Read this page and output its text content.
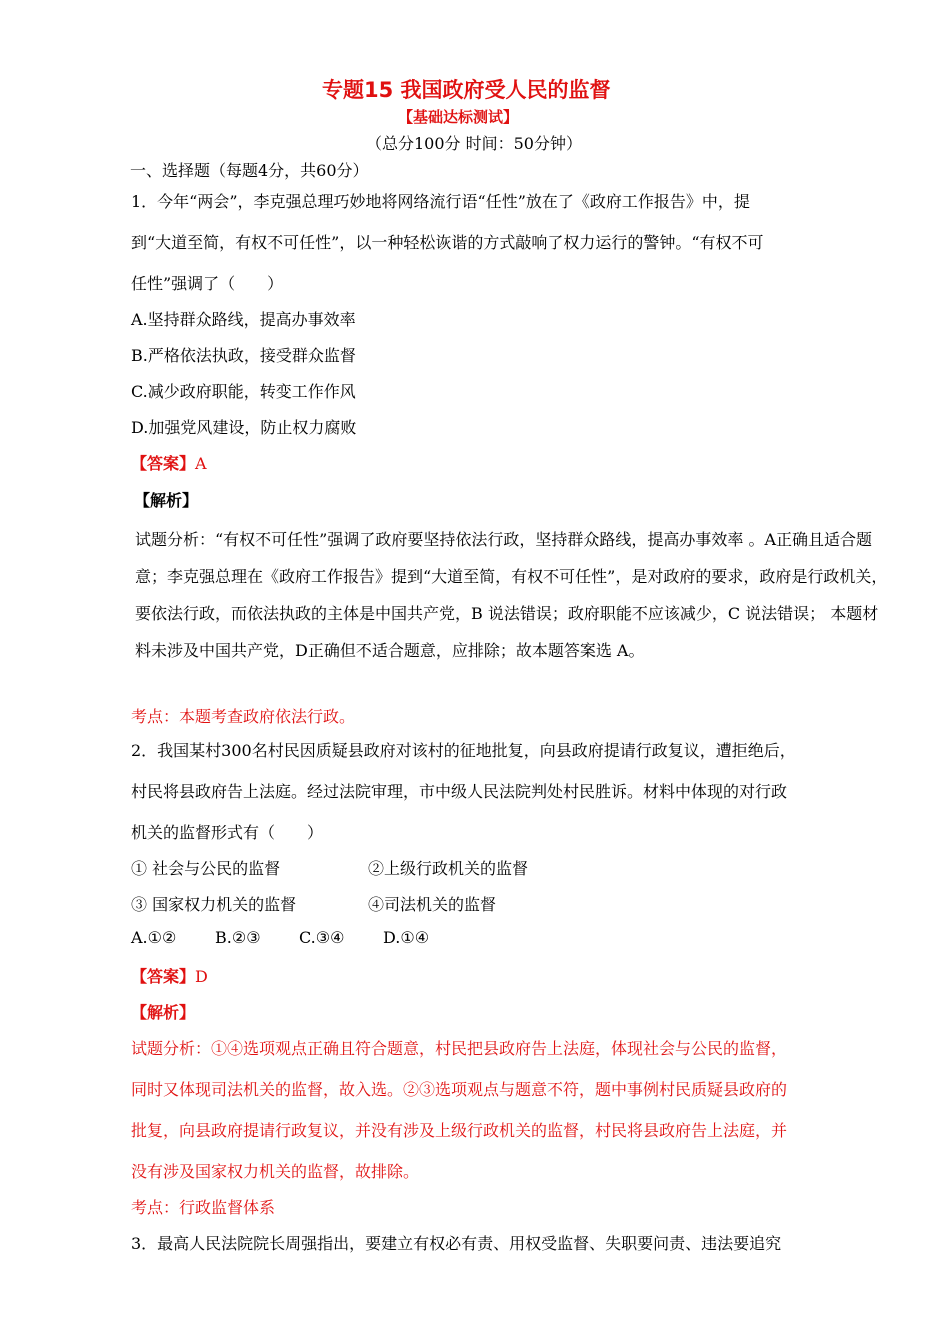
专题15 我国政府受人民的监督
【基础达标测试】
（总分100分 时间：50分钟）
一、选择题（每题4分，共60分）
1．今年“两会”，李克强总理巧妙地将网络流行语“任性”放在了《政府工作报告》中，提
到“大道至简，有权不可任性”，以一种轻松诙谐的方式敲响了权力运行的警钟。“有权不可
任性”强调了（　　）
A.坚持群众路线，提高办事效率
B.严格依法执政，接受群众监督
C.减少政府职能，转变工作作风
D.加强党风建设，防止权力腐败
【答案】A
【解析】
试题分析：“有权不可任性”强调了政府要坚持依法行政，坚持群众路线，提高办事效率 。A正确且适合题
意；李克强总理在《政府工作报告》提到“大道至简，有权不可任性”，是对政府的要求，政府是行政机关，
要依法行政，而依法执政的主体是中国共产党，B 说法错误；政府职能不应该减少，C 说法错误； 本题材
料未涉及中国共产党，D正确但不适合题意，应排除；故本题答案选 A。
考点：本题考查政府依法行政。
2．我国某村300名村民因质疑县政府对该村的征地批复，向县政府提请行政复议，遭拒绝后，
村民将县政府告上法庭。经过法院审理，市中级人民法院判处村民胜诉。材料中体现的对行政
机关的监督形式有（　　）
① 社会与公民的监督	②上级行政机关的监督
③ 国家权力机关的监督	④司法机关的监督
A.①② B.②③ C.③④ D.①④
【答案】D
【解析】
试题分析：①④选项观点正确且符合题意，村民把县政府告上法庭，体现社会与公民的监督，
同时又体现司法机关的监督，故入选。②③选项观点与题意不符，题中事例村民质疑县政府的
批复，向县政府提请行政复议，并没有涉及上级行政机关的监督，村民将县政府告上法庭，并
没有涉及国家权力机关的监督，故排除。
考点：行政监督体系
3．最高人民法院院长周强指出，要建立有权必有责、用权受监督、失职要问责、违法要追究
